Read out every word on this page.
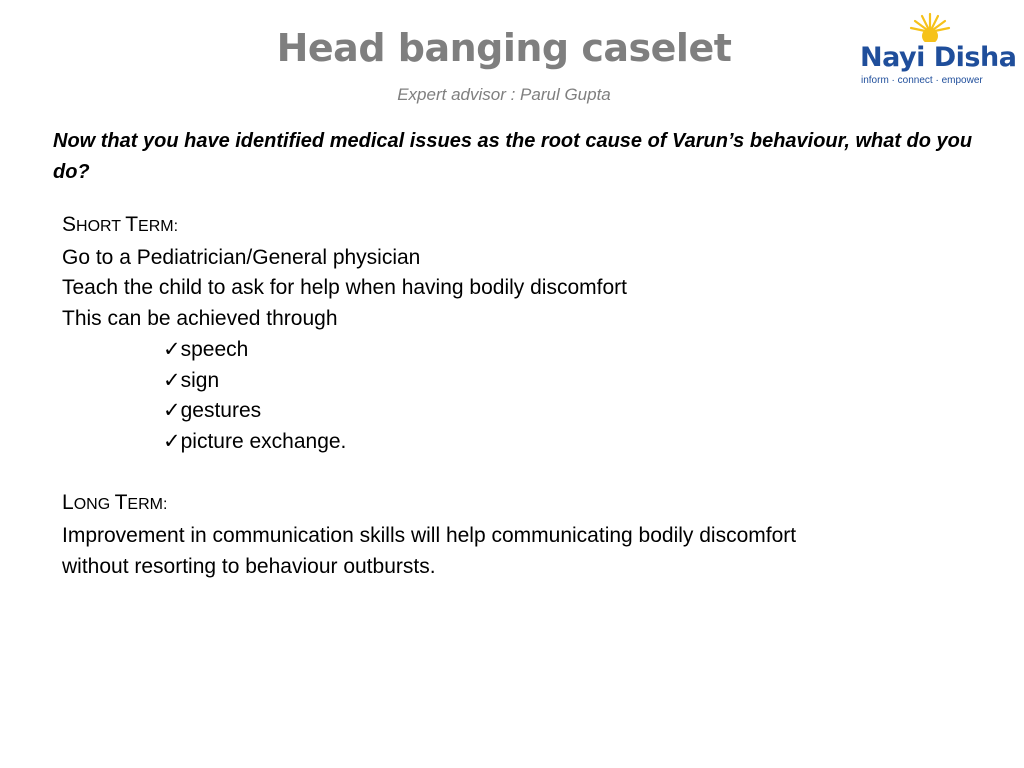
Head banging caselet
Expert advisor : Parul Gupta
Nayi Disha
inform · connect · empower
Now that you have identified medical issues as the root cause of Varun’s behaviour, what do you do?
SHORT TERM:
Go to a Pediatrician/General physician
Teach the child to ask for help when having bodily discomfort
This can be achieved through
✓speech
✓sign
✓gestures
✓picture exchange.
LONG TERM:
Improvement in communication skills will help communicating bodily discomfort
without resorting to behaviour outbursts.
